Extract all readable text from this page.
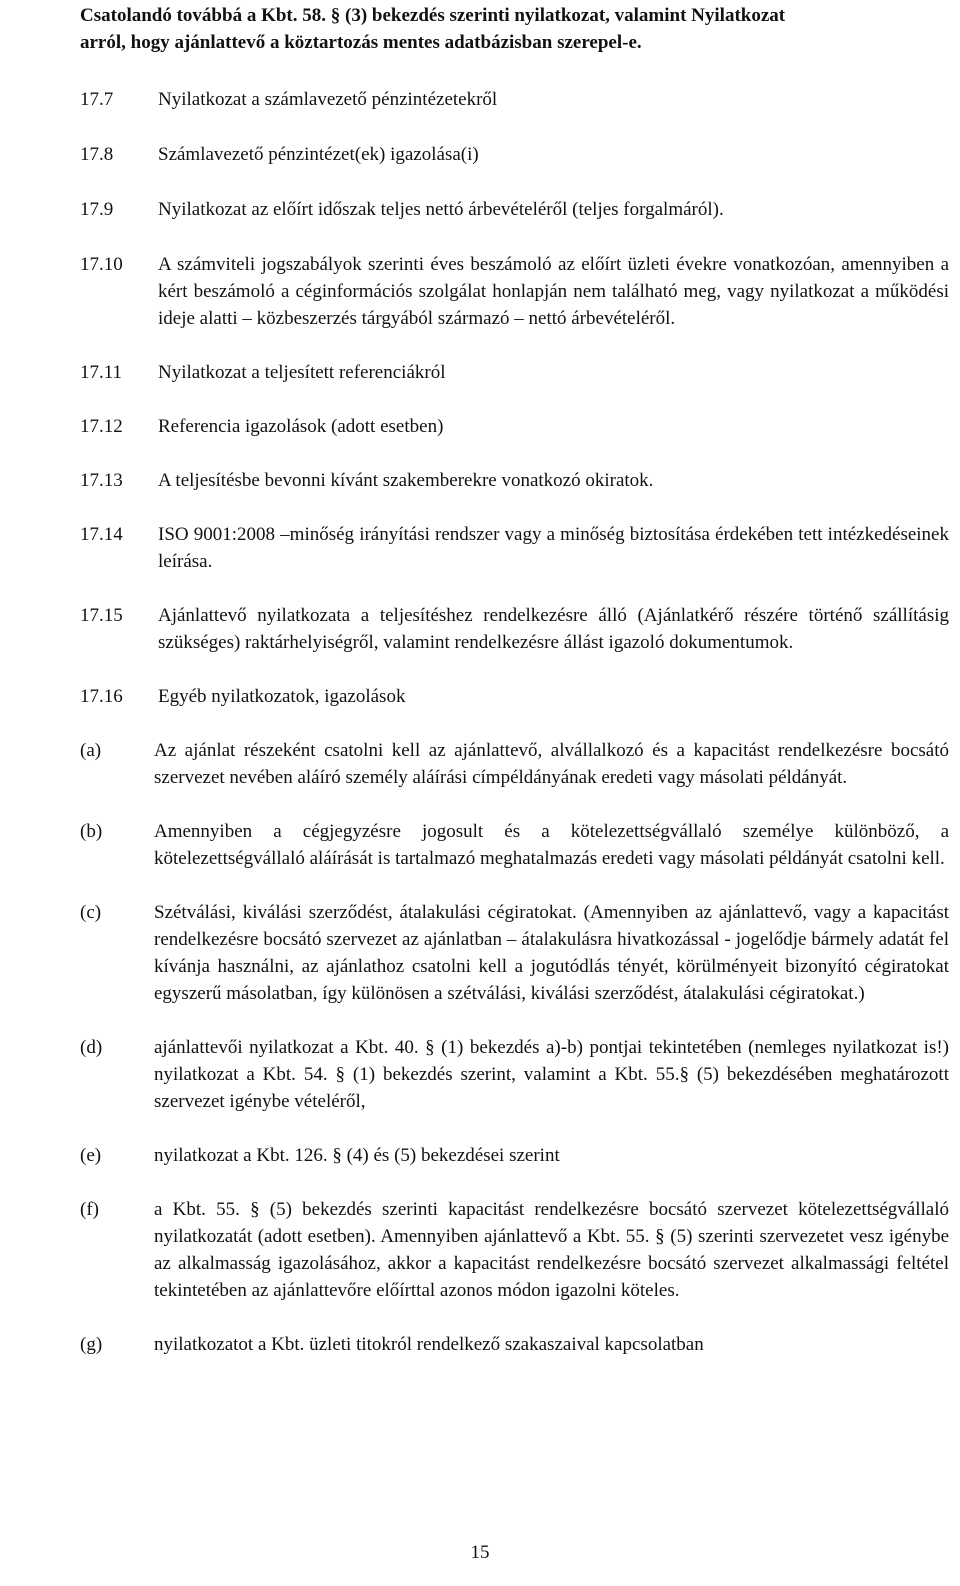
Csatolandó továbbá a Kbt. 58. § (3) bekezdés szerinti nyilatkozat, valamint Nyilatkozat
arról, hogy ajánlattevő a köztartozás mentes adatbázisban szerepel-e.
17.7	Nyilatkozat a számlavezető pénzintézetekről
17.8	Számlavezető pénzintézet(ek) igazolása(i)
17.9	Nyilatkozat az előírt időszak teljes nettó árbevételéről (teljes forgalmáról).
17.10	A számviteli jogszabályok szerinti éves beszámoló az előírt üzleti évekre vonatkozóan, amennyiben a kért beszámoló a céginformációs szolgálat honlapján nem található meg, vagy nyilatkozat a működési ideje alatti – közbeszerzés tárgyából származó – nettó árbevételéről.
17.11	Nyilatkozat a teljesített referenciákról
17.12	Referencia igazolások (adott esetben)
17.13	A teljesítésbe bevonni kívánt szakemberekre vonatkozó okiratok.
17.14	ISO 9001:2008 –minőség irányítási rendszer vagy a minőség biztosítása érdekében tett intézkedéseinek leírása.
17.15	Ajánlattevő nyilatkozata a teljesítéshez rendelkezésre álló (Ajánlatkérő részére történő szállításig szükséges) raktárhelyiségről, valamint rendelkezésre állást igazoló dokumentumok.
17.16	Egyéb nyilatkozatok, igazolások
(a)	Az ajánlat részeként csatolni kell az ajánlattevő, alvállalkozó és a kapacitást rendelkezésre bocsátó szervezet nevében aláíró személy aláírási címpéldányának eredeti vagy másolati példányát.
(b)	Amennyiben a cégjegyzésre jogosult és a kötelezettségvállaló személye különböző, a kötelezettségvállaló aláírását is tartalmazó meghatalmazás eredeti vagy másolati példányát csatolni kell.
(c)	Szétválási, kiválási szerződést, átalakulási cégiratokat. (Amennyiben az ajánlattevő, vagy a kapacitást rendelkezésre bocsátó szervezet az ajánlatban – átalakulásra hivatkozással - jogelődje bármely adatát fel kívánja használni, az ajánlathoz csatolni kell a jogutódlás tényét, körülményeit bizonyító cégiratokat egyszerű másolatban, így különösen a szétválási, kiválási szerződést, átalakulási cégiratokat.)
(d)	ajánlattevői nyilatkozat a Kbt. 40. § (1) bekezdés a)-b) pontjai tekintetében (nemleges nyilatkozat is!) nyilatkozat a Kbt. 54. § (1) bekezdés szerint, valamint a Kbt. 55.§ (5) bekezdésében meghatározott szervezet igénybe vételéről,
(e)	nyilatkozat a Kbt. 126. § (4) és (5) bekezdései szerint
(f)	a Kbt. 55. § (5) bekezdés szerinti kapacitást rendelkezésre bocsátó szervezet kötelezettségvállaló nyilatkozatát (adott esetben). Amennyiben ajánlattevő a Kbt. 55. § (5) szerinti szervezetet vesz igénybe az alkalmasság igazolásához, akkor a kapacitást rendelkezésre bocsátó szervezet alkalmassági feltétel tekintetében az ajánlattevőre előírttal azonos módon igazolni köteles.
(g)	nyilatkozatot a Kbt. üzleti titokról rendelkező szakaszaival kapcsolatban
15
